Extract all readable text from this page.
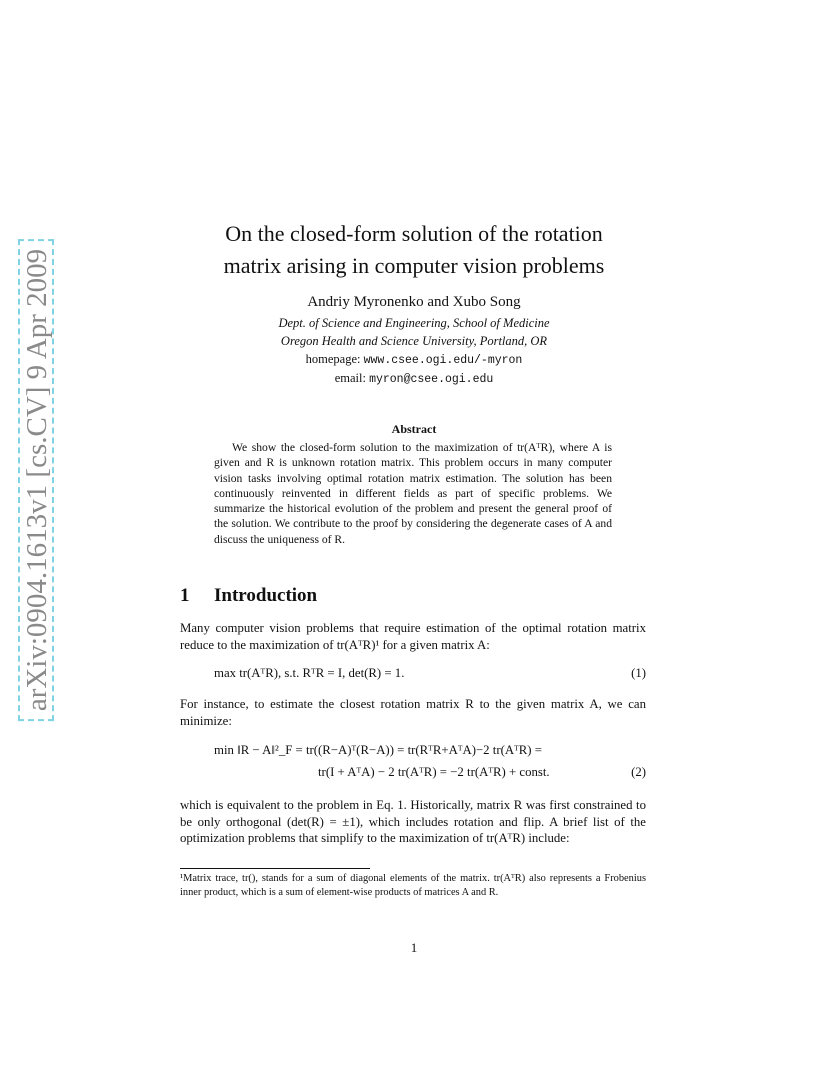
arXiv:0904.1613v1 [cs.CV] 9 Apr 2009
On the closed-form solution of the rotation
matrix arising in computer vision problems
Andriy Myronenko and Xubo Song
Dept. of Science and Engineering, School of Medicine
Oregon Health and Science University, Portland, OR
homepage: www.csee.ogi.edu/-myron
email: myron@csee.ogi.edu
Abstract
We show the closed-form solution to the maximization of tr(AᵀR), where A is given and R is unknown rotation matrix. This problem occurs in many computer vision tasks involving optimal rotation matrix estimation. The solution has been continuously reinvented in different fields as part of specific problems. We summarize the historical evolution of the problem and present the general proof of the solution. We contribute to the proof by considering the degenerate cases of A and discuss the uniqueness of R.
1 Introduction
Many computer vision problems that require estimation of the optimal rotation matrix reduce to the maximization of tr(AᵀR)¹ for a given matrix A:
max tr(AᵀR), s.t. RᵀR = I, det(R) = 1.	(1)
For instance, to estimate the closest rotation matrix R to the given matrix A, we can minimize:
min ‖R − A‖²_F = tr((R−A)ᵀ(R−A)) = tr(RᵀR+AᵀA)−2 tr(AᵀR) =
tr(I + AᵀA) − 2 tr(AᵀR) = −2 tr(AᵀR) + const.	(2)
which is equivalent to the problem in Eq. 1. Historically, matrix R was first constrained to be only orthogonal (det(R) = ±1), which includes rotation and flip. A brief list of the optimization problems that simplify to the maximization of tr(AᵀR) include:
¹Matrix trace, tr(), stands for a sum of diagonal elements of the matrix. tr(AᵀR) also represents a Frobenius inner product, which is a sum of element-wise products of matrices A and R.
1
